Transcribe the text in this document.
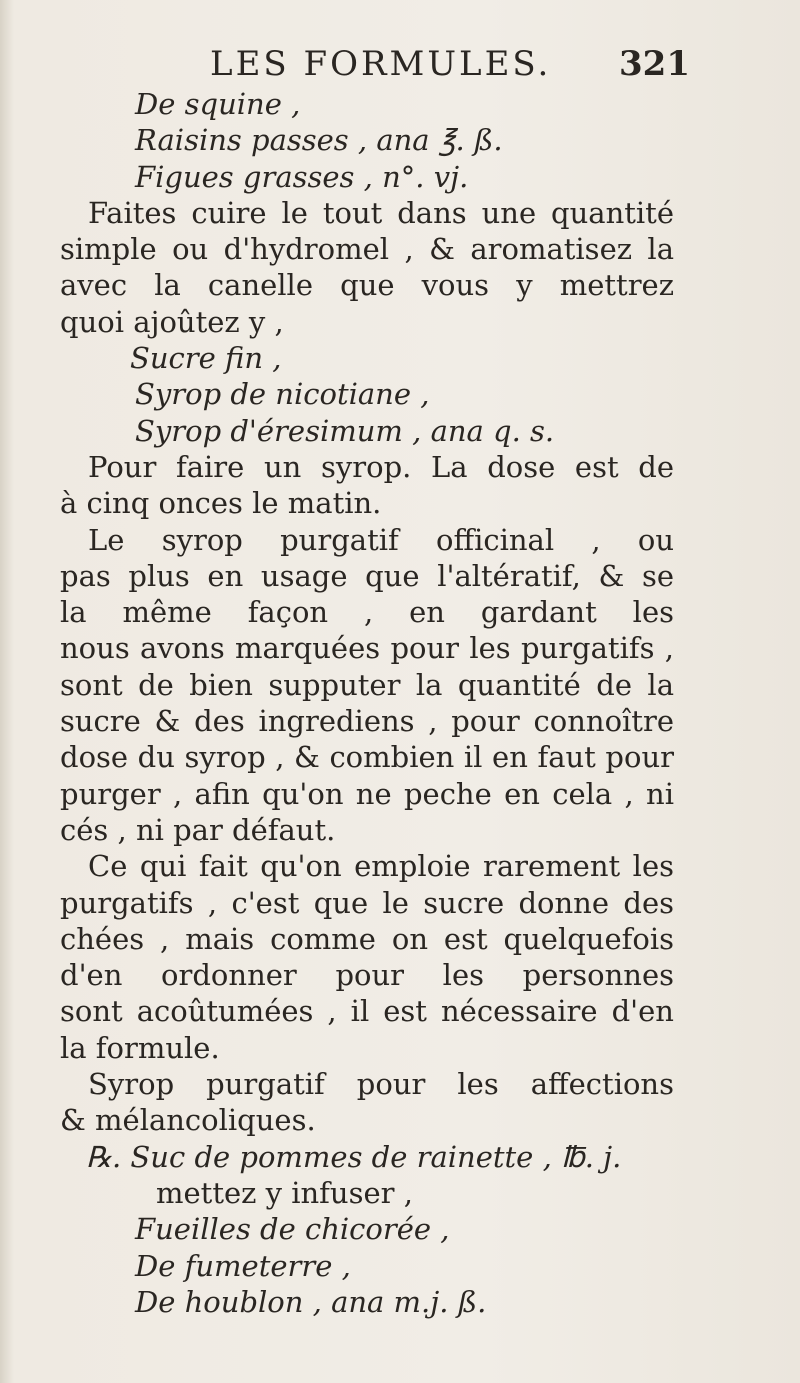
LES FORMULES. 321
De squine ,
Raisins passes , ana ℥. ß.
Figues grasses , n°. vj.
Faites cuire le tout dans une quantité
simple ou d'hydromel , & aromatisez la
avec la canelle que vous y mettrez
quoi ajoûtez y ,
Sucre fin ,
Syrop de nicotiane ,
Syrop d'éresimum , ana q. s.
Pour faire un syrop. La dose est de
à cinq onces le matin.
Le syrop purgatif officinal , ou
pas plus en usage que l'altératif, & se
la même façon , en gardant les
nous avons marquées pour les purgatifs ,
sont de bien supputer la quantité de la
sucre & des ingrediens , pour connoître
dose du syrop , & combien il en faut pour
purger , afin qu'on ne peche en cela , ni
cés , ni par défaut.
Ce qui fait qu'on emploie rarement les
purgatifs , c'est que le sucre donne des
chées , mais comme on est quelquefois
d'en ordonner pour les personnes
sont acoûtumées , il est nécessaire d'en
la formule.
Syrop purgatif pour les affections
& mélancoliques.
℞. Suc de pommes de rainette , ℔. j.
mettez y infuser ,
Fueilles de chicorée ,
De fumeterre ,
De houblon , ana m.j. ß.
